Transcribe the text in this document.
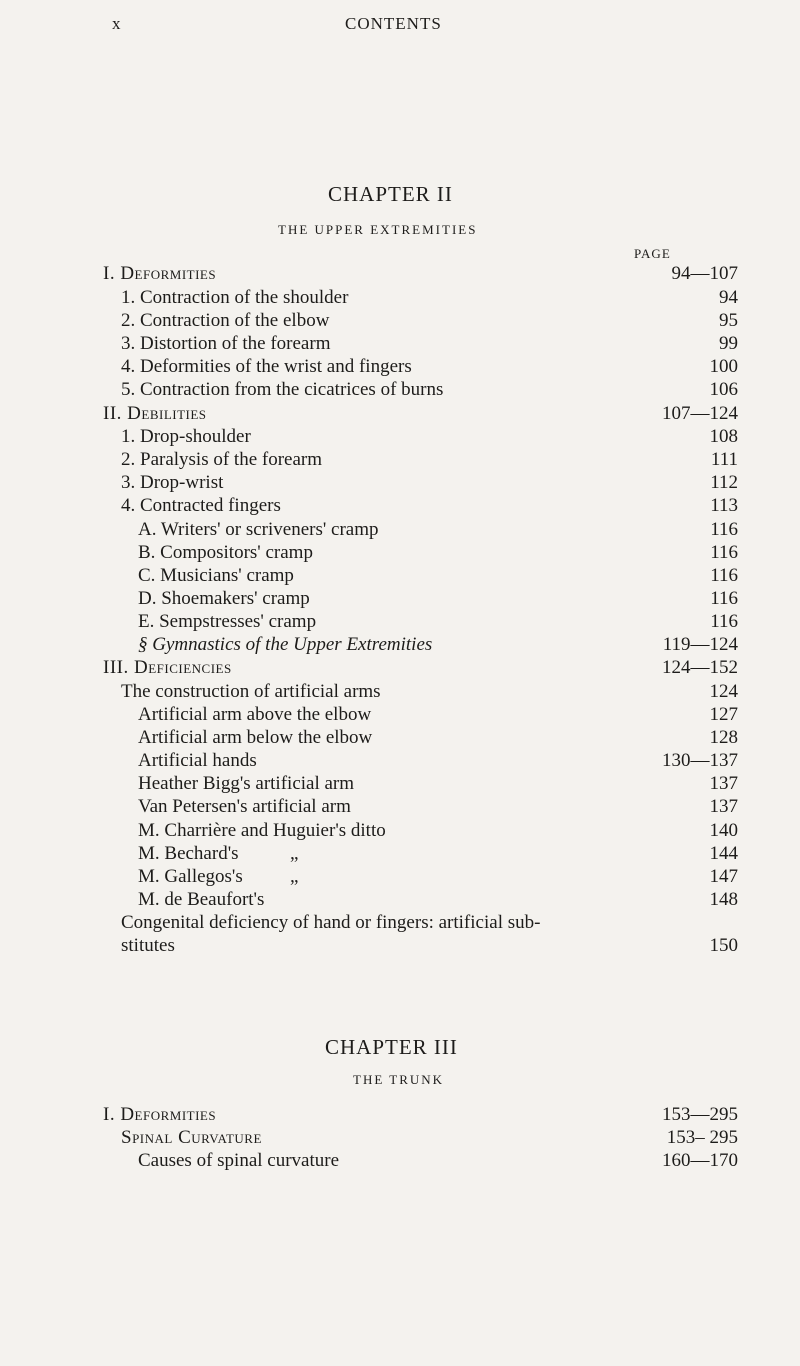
x	CONTENTS
CHAPTER II
THE UPPER EXTREMITIES
PAGE
I. Deformities	94—107
1. Contraction of the shoulder	94
2. Contraction of the elbow	95
3. Distortion of the forearm	99
4. Deformities of the wrist and fingers	100
5. Contraction from the cicatrices of burns	106
II. Debilities	107—124
1. Drop-shoulder	108
2. Paralysis of the forearm	111
3. Drop-wrist	112
4. Contracted fingers	113
A. Writers' or scriveners' cramp	116
B. Compositors' cramp	116
C. Musicians' cramp	116
D. Shoemakers' cramp	116
E. Sempstresses' cramp	116
§ Gymnastics of the Upper Extremities	119—124
III. Deficiencies	124—152
The construction of artificial arms	124
Artificial arm above the elbow	127
Artificial arm below the elbow	128
Artificial hands	130—137
Heather Bigg's artificial arm	137
Van Petersen's artificial arm	137
M. Charrière and Huguier's ditto	140
M. Bechard's	„	144
M. Gallegos's „	147
M. de Beaufort's	148
Congenital deficiency of hand or fingers: artificial sub-
stitutes	150
CHAPTER III
THE TRUNK
I. Deformities	153—295
Spinal Curvature	153– 295
Causes of spinal curvature	160—170
